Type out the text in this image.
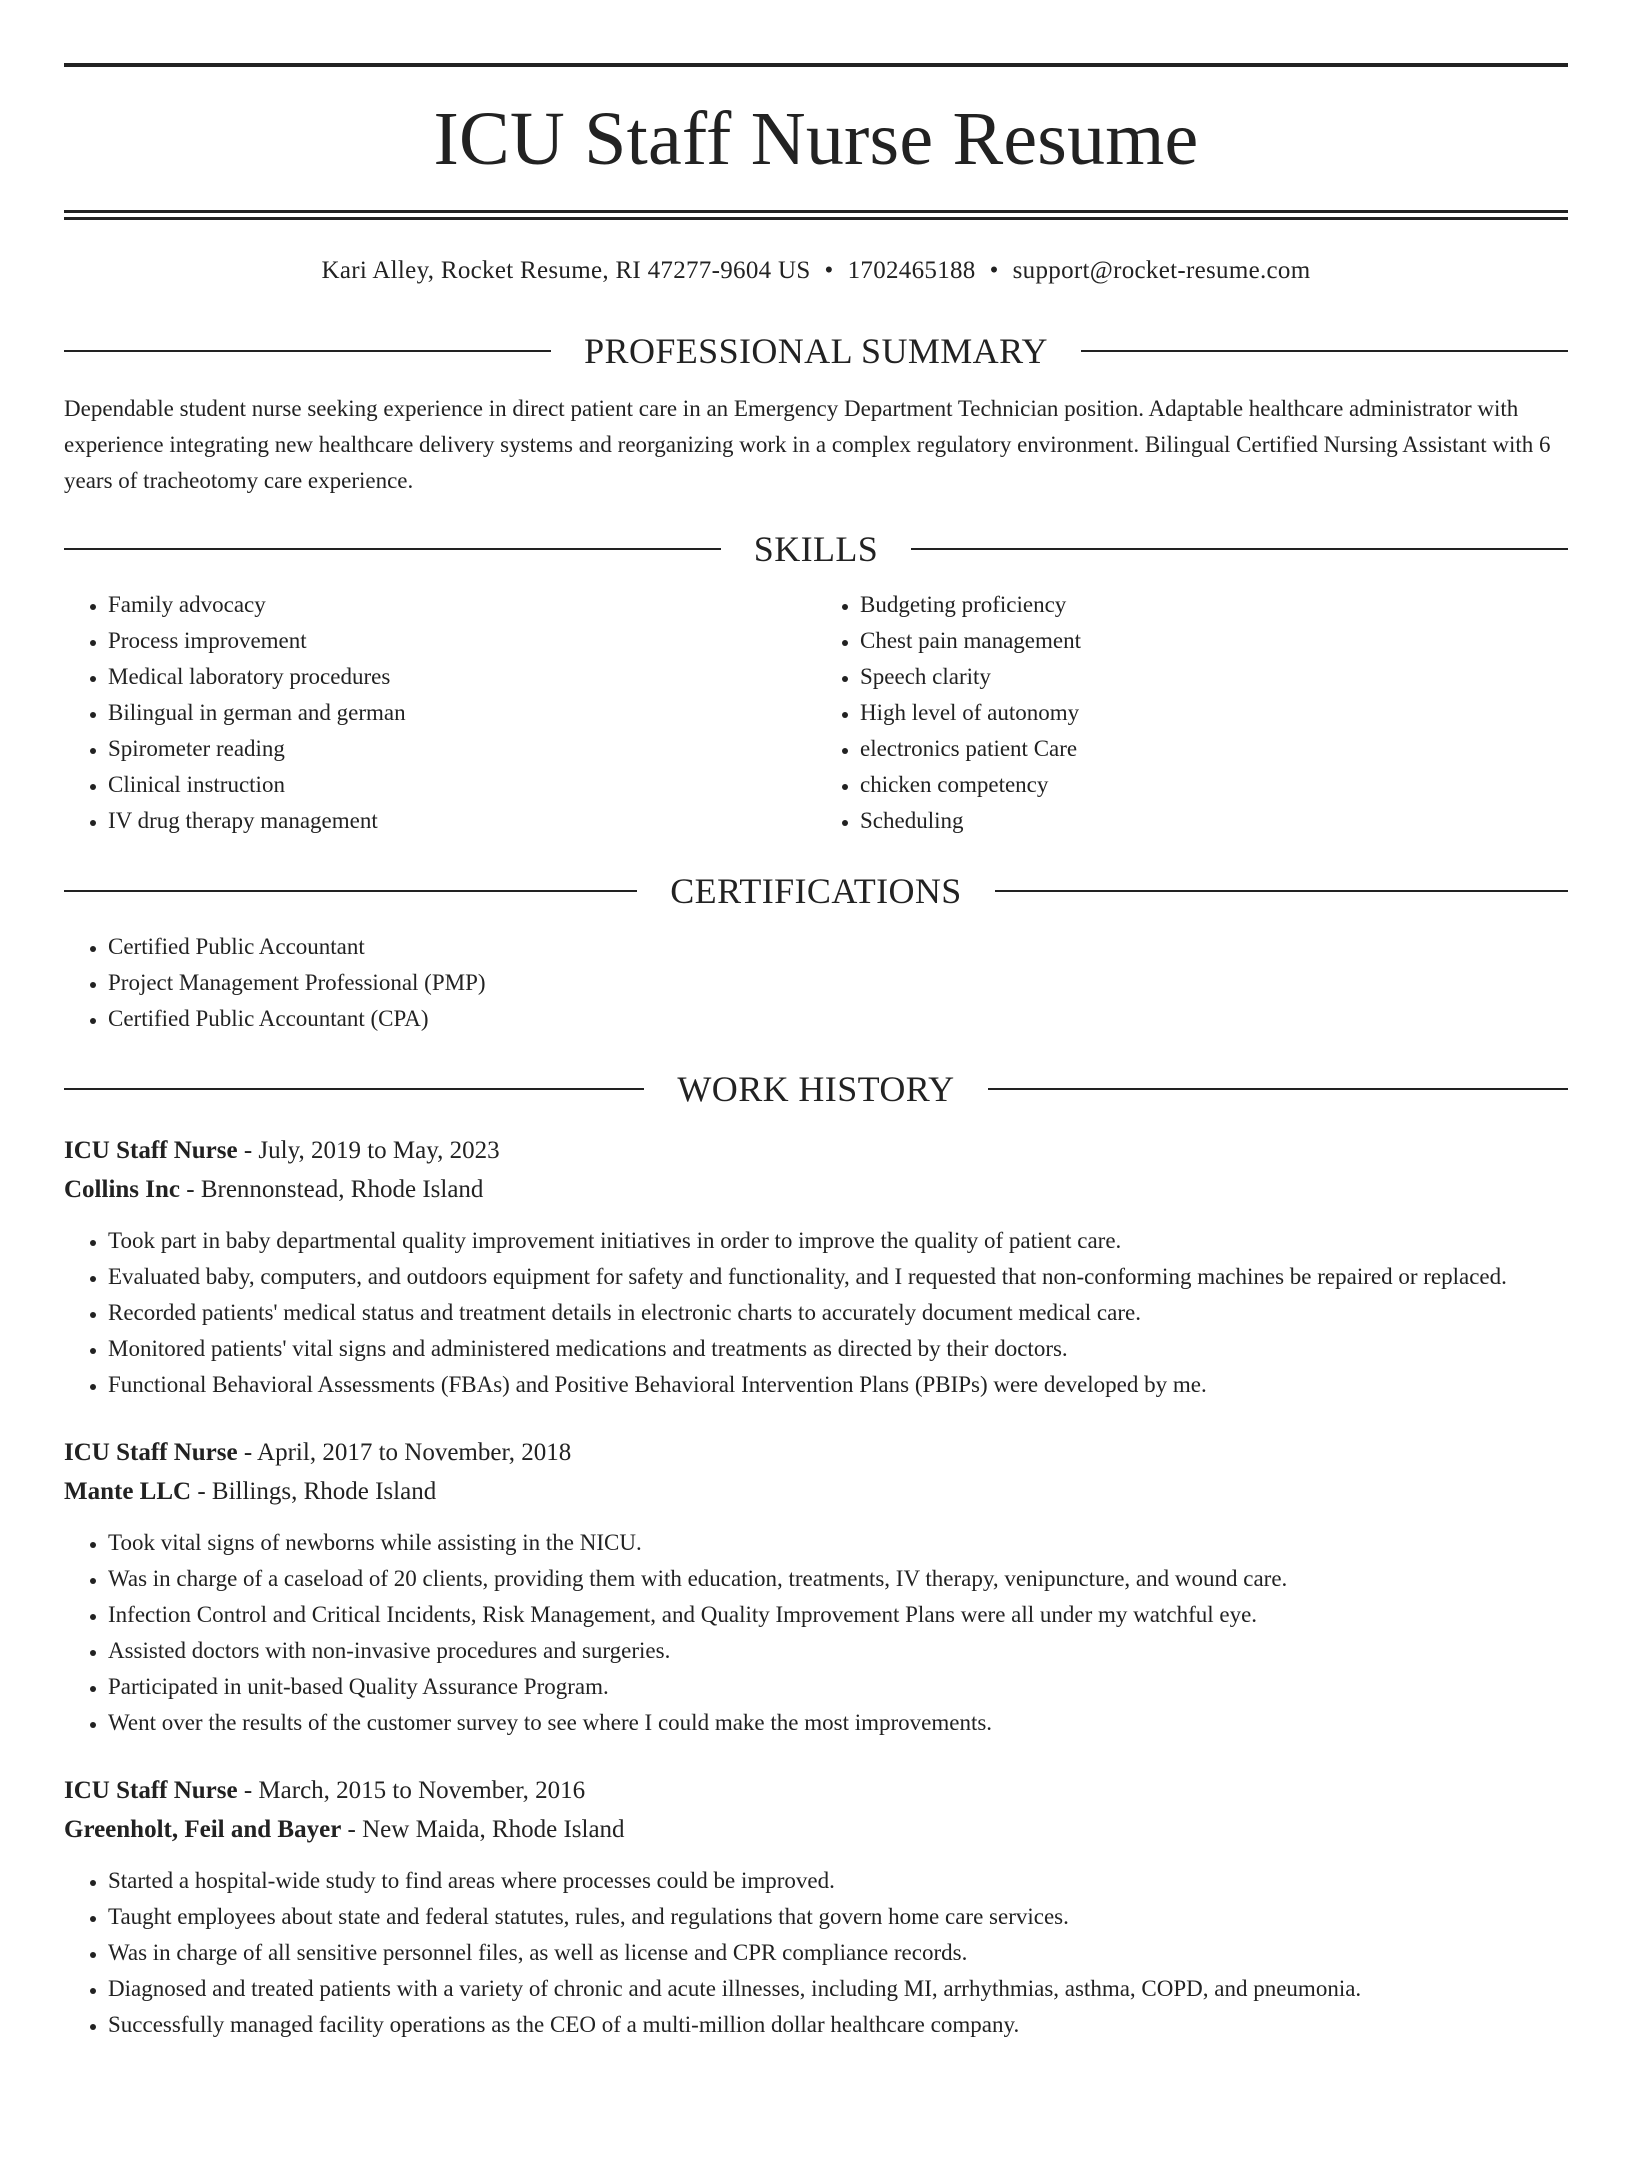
ICU Staff Nurse Resume
Kari Alley, Rocket Resume, RI 47277-9604 US • 1702465188 • support@rocket-resume.com
PROFESSIONAL SUMMARY

Dependable student nurse seeking experience in direct patient care in an Emergency Department Technician position. Adaptable healthcare administrator with experience integrating new healthcare delivery systems and reorganizing work in a complex regulatory environment. Bilingual Certified Nursing Assistant with 6 years of tracheotomy care experience.

SKILLS
• Family advocacy
• Process improvement
• Medical laboratory procedures
• Bilingual in german and german
• Spirometer reading
• Clinical instruction
• IV drug therapy management
• Budgeting proficiency
• Chest pain management
• Speech clarity
• High level of autonomy
• electronics patient Care
• chicken competency
• Scheduling
CERTIFICATIONS
• Certified Public Accountant
• Project Management Professional (PMP)
• Certified Public Accountant (CPA)
WORK HISTORY
ICU Staff Nurse - July, 2019 to May, 2023
Collins Inc - Brennonstead, Rhode Island
• Took part in baby departmental quality improvement initiatives in order to improve the quality of patient care.
• Evaluated baby, computers, and outdoors equipment for safety and functionality, and I requested that non-conforming machines be repaired or replaced.
• Recorded patients' medical status and treatment details in electronic charts to accurately document medical care.
• Monitored patients' vital signs and administered medications and treatments as directed by their doctors.
• Functional Behavioral Assessments (FBAs) and Positive Behavioral Intervention Plans (PBIPs) were developed by me.
ICU Staff Nurse - April, 2017 to November, 2018
Mante LLC - Billings, Rhode Island
• Took vital signs of newborns while assisting in the NICU.
• Was in charge of a caseload of 20 clients, providing them with education, treatments, IV therapy, venipuncture, and wound care.
• Infection Control and Critical Incidents, Risk Management, and Quality Improvement Plans were all under my watchful eye.
• Assisted doctors with non-invasive procedures and surgeries.
• Participated in unit-based Quality Assurance Program.
• Went over the results of the customer survey to see where I could make the most improvements.
ICU Staff Nurse - March, 2015 to November, 2016
Greenholt, Feil and Bayer - New Maida, Rhode Island
• Started a hospital-wide study to find areas where processes could be improved.
• Taught employees about state and federal statutes, rules, and regulations that govern home care services.
• Was in charge of all sensitive personnel files, as well as license and CPR compliance records.
• Diagnosed and treated patients with a variety of chronic and acute illnesses, including MI, arrhythmias, asthma, COPD, and pneumonia.
• Successfully managed facility operations as the CEO of a multi-million dollar healthcare company.
